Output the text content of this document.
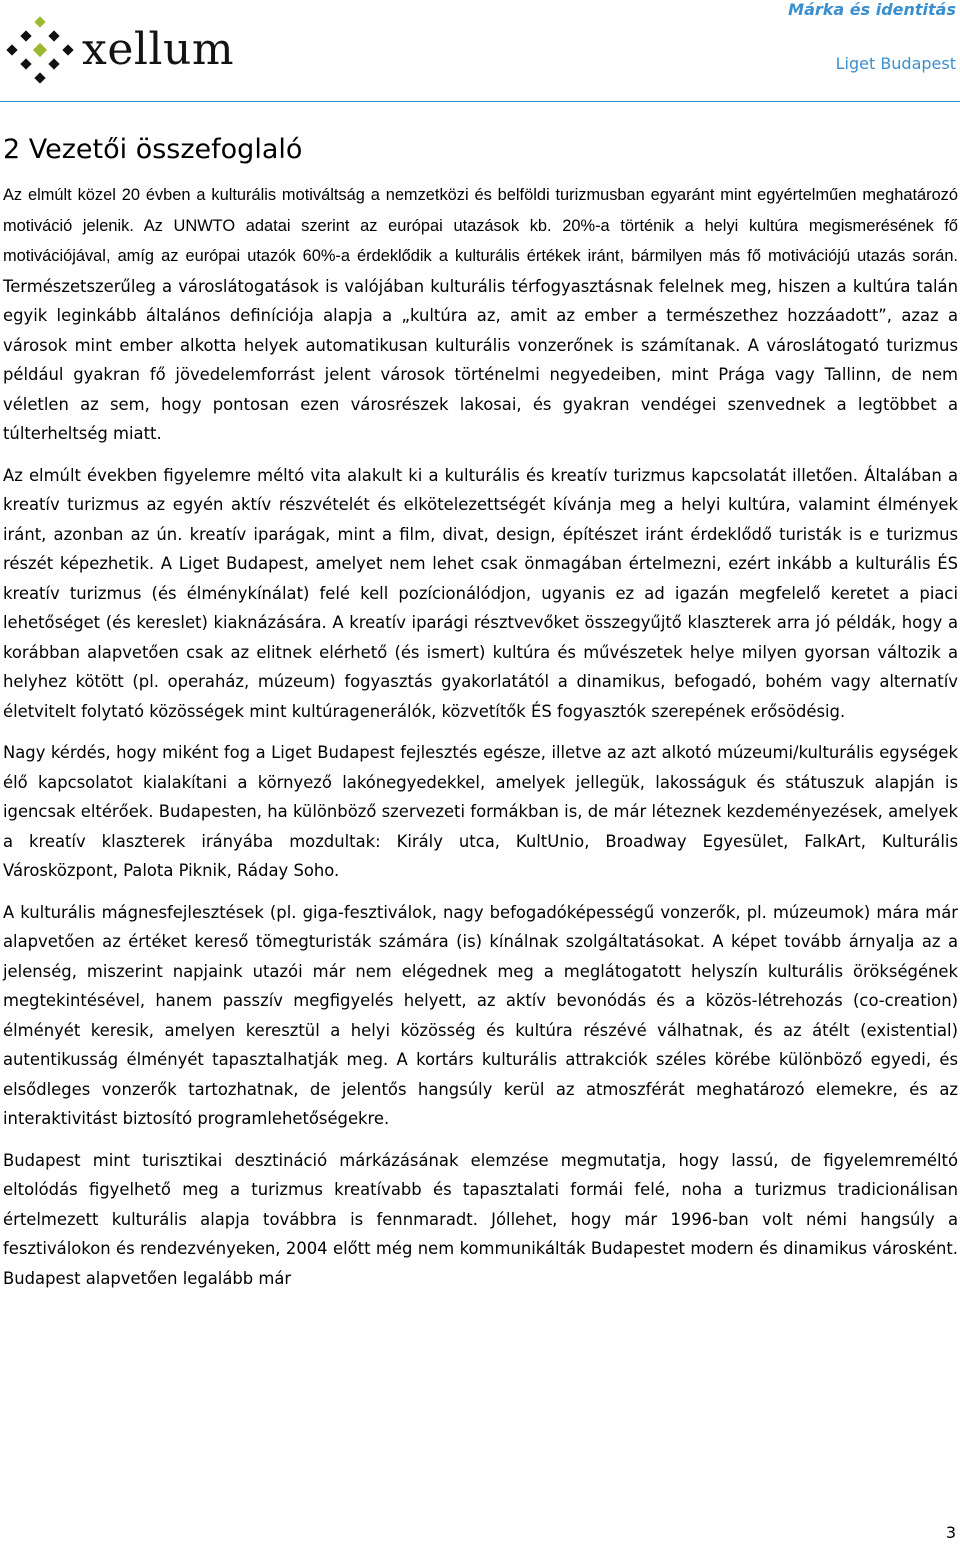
xellum
Márka és identitás
Liget Budapest
2 Vezetői összefoglaló

Az elmúlt közel 20 évben a kulturális motiváltság a nemzetközi és belföldi turizmusban egyaránt mint egyértelműen meghatározó motiváció jelenik. Az UNWTO adatai szerint az európai utazások kb. 20%-a történik a helyi kultúra megismerésének fő motivációjával, amíg az európai utazók 60%-a érdeklődik a kulturális értékek iránt, bármilyen más fő motivációjú utazás során. Természetszerűleg a városlátogatások is valójában kulturális térfogyasztásnak felelnek meg, hiszen a kultúra talán egyik leginkább általános definíciója alapja a „kultúra az, amit az ember a természethez hozzáadott”, azaz a városok mint ember alkotta helyek automatikusan kulturális vonzerőnek is számítanak. A városlátogató turizmus például gyakran fő jövedelemforrást jelent városok történelmi negyedeiben, mint Prága vagy Tallinn, de nem véletlen az sem, hogy pontosan ezen városrészek lakosai, és gyakran vendégei szenvednek a legtöbbet a túlterheltség miatt.

Az elmúlt években figyelemre méltó vita alakult ki a kulturális és kreatív turizmus kapcsolatát illetően. Általában a kreatív turizmus az egyén aktív részvételét és elkötelezettségét kívánja meg a helyi kultúra, valamint élmények iránt, azonban az ún. kreatív iparágak, mint a film, divat, design, építészet iránt érdeklődő turisták is e turizmus részét képezhetik. A Liget Budapest, amelyet nem lehet csak önmagában értelmezni, ezért inkább a kulturális ÉS kreatív turizmus (és élménykínálat) felé kell pozícionálódjon, ugyanis ez ad igazán megfelelő keretet a piaci lehetőséget (és kereslet) kiaknázására. A kreatív iparági résztvevőket összegyűjtő klaszterek arra jó példák, hogy a korábban alapvetően csak az elitnek elérhető (és ismert) kultúra és művészetek helye milyen gyorsan változik a helyhez kötött (pl. operaház, múzeum) fogyasztás gyakorlatától a dinamikus, befogadó, bohém vagy alternatív életvitelt folytató közösségek mint kultúragenerálók, közvetítők ÉS fogyasztók szerepének erősödésig.

Nagy kérdés, hogy miként fog a Liget Budapest fejlesztés egésze, illetve az azt alkotó múzeumi/kulturális egységek élő kapcsolatot kialakítani a környező lakónegyedekkel, amelyek jellegük, lakosságuk és státuszuk alapján is igencsak eltérőek. Budapesten, ha különböző szervezeti formákban is, de már léteznek kezdeményezések, amelyek a kreatív klaszterek irányába mozdultak: Király utca, KultUnio, Broadway Egyesület, FalkArt, Kulturális Városközpont, Palota Piknik, Ráday Soho.

A kulturális mágnesfejlesztések (pl. giga-fesztiválok, nagy befogadóképességű vonzerők, pl. múzeumok) mára már alapvetően az értéket kereső tömegturisták számára (is) kínálnak szolgáltatásokat. A képet tovább árnyalja az a jelenség, miszerint napjaink utazói már nem elégednek meg a meglátogatott helyszín kulturális örökségének megtekintésével, hanem passzív megfigyelés helyett, az aktív bevonódás és a közös-létrehozás (co-creation) élményét keresik, amelyen keresztül a helyi közösség és kultúra részévé válhatnak, és az átélt (existential) autentikusság élményét tapasztalhatják meg. A kortárs kulturális attrakciók széles körébe különböző egyedi, és elsődleges vonzerők tartozhatnak, de jelentős hangsúly kerül az atmoszférát meghatározó elemekre, és az interaktivitást biztosító programlehetőségekre.

Budapest mint turisztikai desztináció márkázásának elemzése megmutatja, hogy lassú, de figyelemreméltó eltolódás figyelhető meg a turizmus kreatívabb és tapasztalati formái felé, noha a turizmus tradicionálisan értelmezett kulturális alapja továbbra is fennmaradt. Jóllehet, hogy már 1996-ban volt némi hangsúly a fesztiválokon és rendezvényeken, 2004 előtt még nem kommunikálták Budapestet modern és dinamikus városként. Budapest alapvetően legalább már

3
